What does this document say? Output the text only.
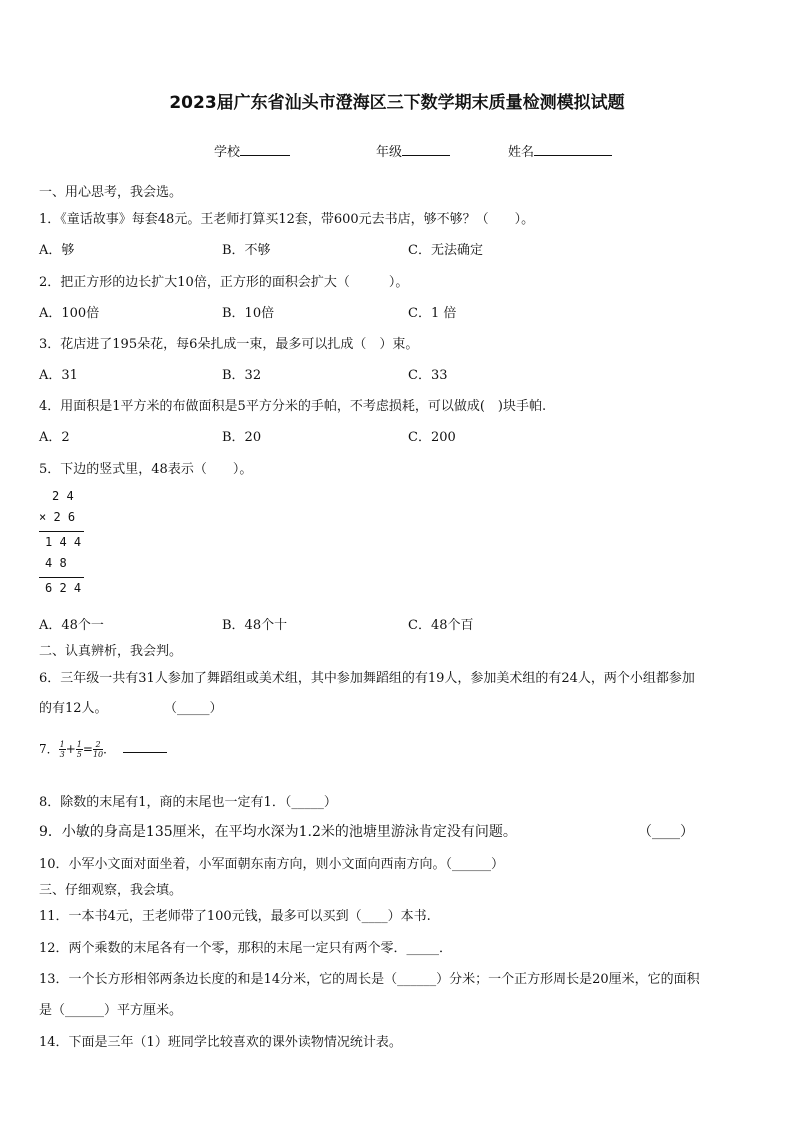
2023届广东省汕头市澄海区三下数学期末质量检测模拟试题
学校	年级	姓名
一、用心思考，我会选。
1．《童话故事》每套48元。王老师打算买12套，带600元去书店，够不够？（　　）。
A．够	B．不够	C．无法确定
2．把正方形的边长扩大10倍，正方形的面积会扩大（　　　）。
A．100倍	B．10倍	C．1 倍
3．花店进了195朵花，每6朵扎成一束，最多可以扎成（　）束。
A．31	B．32	C．33
4．用面积是1平方米的布做面积是5平方分米的手帕，不考虑损耗，可以做成(　)块手帕.
A．2	B．20	C．200
5．下边的竖式里，48表示（　　）。
2 4
× 2 6
1 4 4
4 8
6 2 4
A．48个一	B．48个十	C．48个百
二、认真辨析，我会判。
6．三年级一共有31人参加了舞蹈组或美术组，其中参加舞蹈组的有19人，参加美术组的有24人，两个小组都参加
的有12人。	（_____）
7． $\frac{1}{3} + \frac{1}{5} = \frac{2}{10}$ ．
8．除数的末尾有1，商的末尾也一定有1．（_____）
9．小敏的身高是135厘米，在平均水深为1.2米的池塘里游泳肯定没有问题。	（____）
10．小军小文面对面坐着，小军面朝东南方向，则小文面向西南方向。（______）
三、仔细观察，我会填。
11．一本书4元，王老师带了100元钱，最多可以买到（____）本书.
12．两个乘数的末尾各有一个零，那积的末尾一定只有两个零．_____．
13．一个长方形相邻两条边长度的和是14分米，它的周长是（______）分米；一个正方形周长是20厘米，它的面积
是（______）平方厘米。
14．下面是三年（1）班同学比较喜欢的课外读物情况统计表。
